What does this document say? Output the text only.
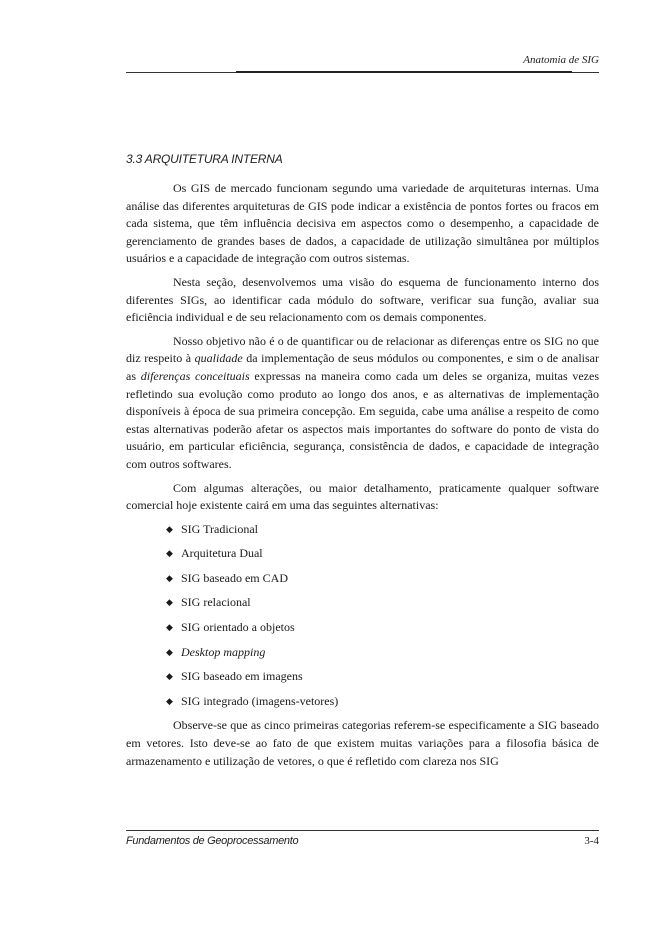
Anatomia de SIG
3.3 ARQUITETURA INTERNA

Os GIS de mercado funcionam segundo uma variedade de arquiteturas internas. Uma análise das diferentes arquiteturas de GIS pode indicar a existência de pontos fortes ou fracos em cada sistema, que têm influência decisiva em aspectos como o desempenho, a capacidade de gerenciamento de grandes bases de dados, a capacidade de utilização simultânea por múltiplos usuários e a capacidade de integração com outros sistemas.

Nesta seção, desenvolvemos uma visão do esquema de funcionamento interno dos diferentes SIGs, ao identificar cada módulo do software, verificar sua função, avaliar sua eficiência individual e de seu relacionamento com os demais componentes.

Nosso objetivo não é o de quantificar ou de relacionar as diferenças entre os SIG no que diz respeito à qualidade da implementação de seus módulos ou componentes, e sim o de analisar as diferenças conceituais expressas na maneira como cada um deles se organiza, muitas vezes refletindo sua evolução como produto ao longo dos anos, e as alternativas de implementação disponíveis à época de sua primeira concepção. Em seguida, cabe uma análise a respeito de como estas alternativas poderão afetar os aspectos mais importantes do software do ponto de vista do usuário, em particular eficiência, segurança, consistência de dados, e capacidade de integração com outros softwares.

Com algumas alterações, ou maior detalhamento, praticamente qualquer software comercial hoje existente cairá em uma das seguintes alternativas:

◆ SIG Tradicional
◆ Arquitetura Dual
◆ SIG baseado em CAD
◆ SIG relacional
◆ SIG orientado a objetos
◆ Desktop mapping
◆ SIG baseado em imagens
◆ SIG integrado (imagens-vetores)

Observe-se que as cinco primeiras categorias referem-se especificamente a SIG baseado em vetores. Isto deve-se ao fato de que existem muitas variações para a filosofia básica de armazenamento e utilização de vetores, o que é refletido com clareza nos SIG

Fundamentos de Geoprocessamento	3-4
